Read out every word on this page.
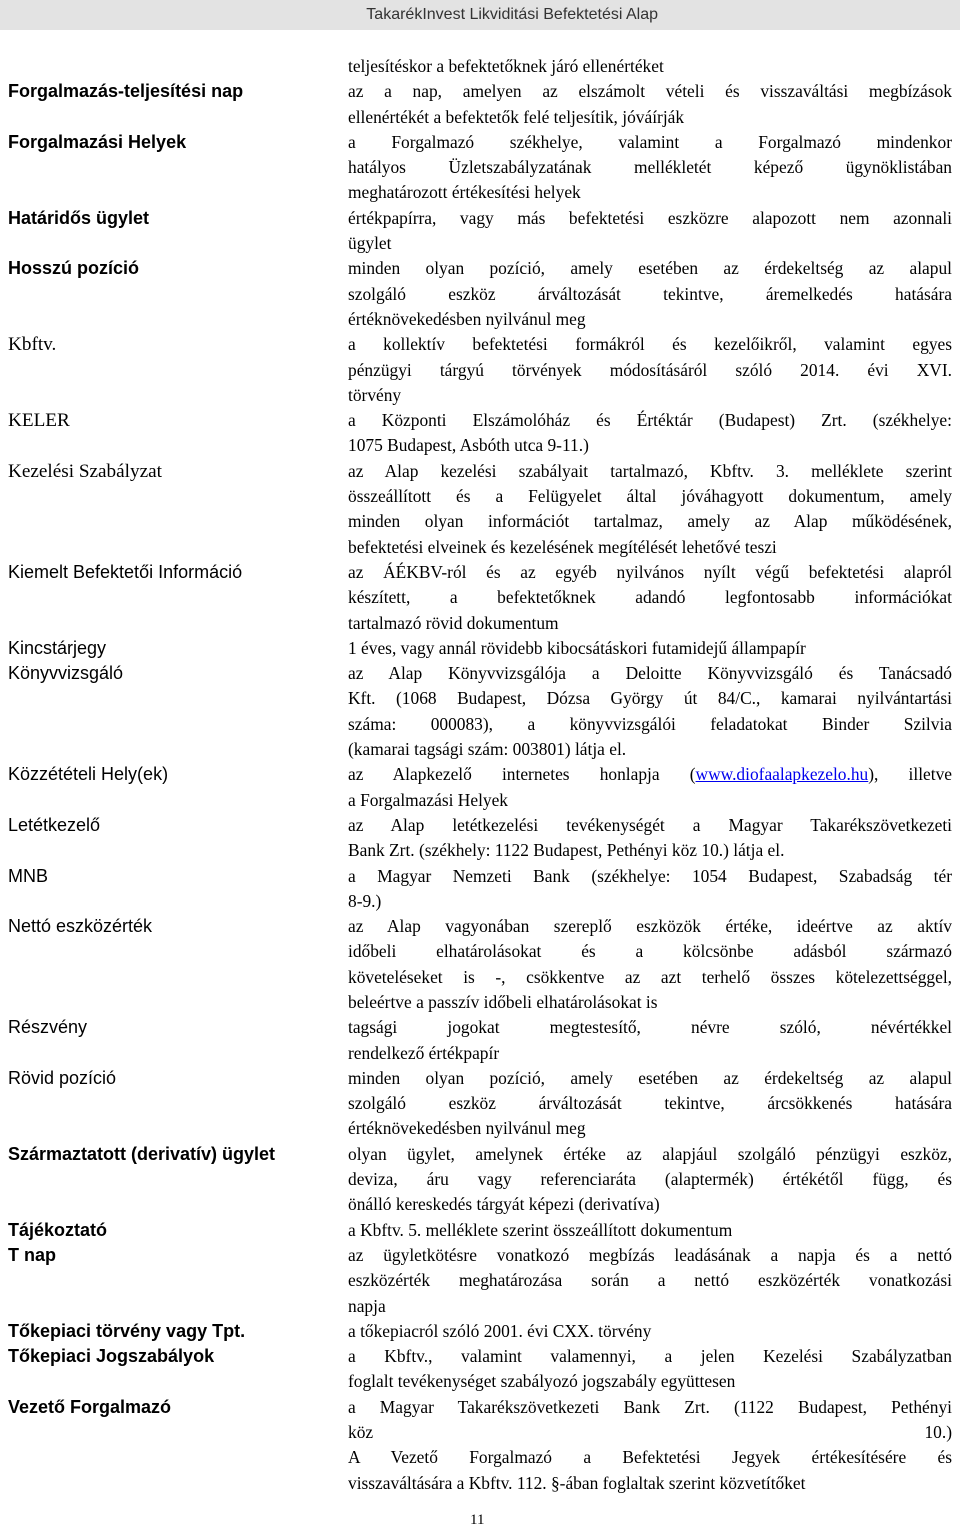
TakarékInvest Likviditási Befektetési Alap
teljesítéskor a befektetőknek járó ellenértéket
Forgalmazás-teljesítési nap	az a nap, amelyen az elszámolt vételi és visszaváltási megbízások
ellenértékét a befektetők felé teljesítik, jóváírják
Forgalmazási Helyek	a Forgalmazó székhelye, valamint a Forgalmazó mindenkor
hatályos Üzletszabályzatának mellékletét képező ügynöklistában
meghatározott értékesítési helyek
Határidős ügylet	értékpapírra, vagy más befektetési eszközre alapozott nem azonnali
ügylet
Hosszú pozíció	minden olyan pozíció, amely esetében az érdekeltség az alapul
szolgáló eszköz árváltozását tekintve, áremelkedés hatására
értéknövekedésben nyilvánul meg
Kbftv.	a kollektív befektetési formákról és kezelőikről, valamint egyes
pénzügyi tárgyú törvények módosításáról szóló 2014. évi XVI.
törvény
KELER	a Központi Elszámolóház és Értéktár (Budapest) Zrt. (székhelye:
1075 Budapest, Asbóth utca 9-11.)
Kezelési Szabályzat	az Alap kezelési szabályait tartalmazó, Kbftv. 3. melléklete szerint
összeállított és a Felügyelet által jóváhagyott dokumentum, amely
minden olyan információt tartalmaz, amely az Alap működésének,
befektetési elveinek és kezelésének megítélését lehetővé teszi
Kiemelt Befektetői Információ	az ÁÉKBV-ról és az egyéb nyilvános nyílt végű befektetési alapról
készített, a befektetőknek adandó legfontosabb információkat
tartalmazó rövid dokumentum
Kincstárjegy	1 éves, vagy annál rövidebb kibocsátáskori futamidejű állampapír
Könyvvizsgáló	az Alap Könyvvizsgálója a Deloitte Könyvvizsgáló és Tanácsadó
Kft. (1068 Budapest, Dózsa György út 84/C., kamarai nyilvántartási
száma: 000083), a könyvvizsgálói feladatokat Binder Szilvia
(kamarai tagsági szám: 003801) látja el.
Közzétételi Hely(ek)	az Alapkezelő internetes honlapja (www.diofaalapkezelo.hu), illetve
a Forgalmazási Helyek
Letétkezelő	az Alap letétkezelési tevékenységét a Magyar Takarékszövetkezeti
Bank Zrt. (székhely: 1122 Budapest, Pethényi köz 10.) látja el.
MNB	a Magyar Nemzeti Bank (székhelye: 1054 Budapest, Szabadság tér
8-9.)
Nettó eszközérték	az Alap vagyonában szereplő eszközök értéke, ideértve az aktív
időbeli elhatárolásokat és a kölcsönbe adásból származó
követeléseket is -, csökkentve az azt terhelő összes kötelezettséggel,
beleértve a passzív időbeli elhatárolásokat is
Részvény	tagsági jogokat megtestesítő, névre szóló, névértékkel
rendelkező értékpapír
Rövid pozíció	minden olyan pozíció, amely esetében az érdekeltség az alapul
szolgáló eszköz árváltozását tekintve, árcsökkenés hatására
értéknövekedésben nyilvánul meg
Származtatott (derivatív) ügylet	olyan ügylet, amelynek értéke az alapjául szolgáló pénzügyi eszköz,
deviza, áru vagy referenciaráta (alaptermék) értékétől függ, és
önálló kereskedés tárgyát képezi (derivatíva)
Tájékoztató	a Kbftv. 5. melléklete szerint összeállított dokumentum
T nap	az ügyletkötésre vonatkozó megbízás leadásának a napja és a nettó
eszközérték meghatározása során a nettó eszközérték vonatkozási
napja
Tőkepiaci törvény vagy Tpt.	a tőkepiacról szóló 2001. évi CXX. törvény
Tőkepiaci Jogszabályok	a Kbftv., valamint valamennyi, a jelen Kezelési Szabályzatban
foglalt tevékenységet szabályozó jogszabály együttesen
Vezető Forgalmazó	a Magyar Takarékszövetkezeti Bank Zrt. (1122 Budapest, Pethényi
köz 10.)
A Vezető Forgalmazó a Befektetési Jegyek értékesítésére és
visszaváltására a Kbftv. 112. §-ában foglaltak szerint közvetítőket
11
